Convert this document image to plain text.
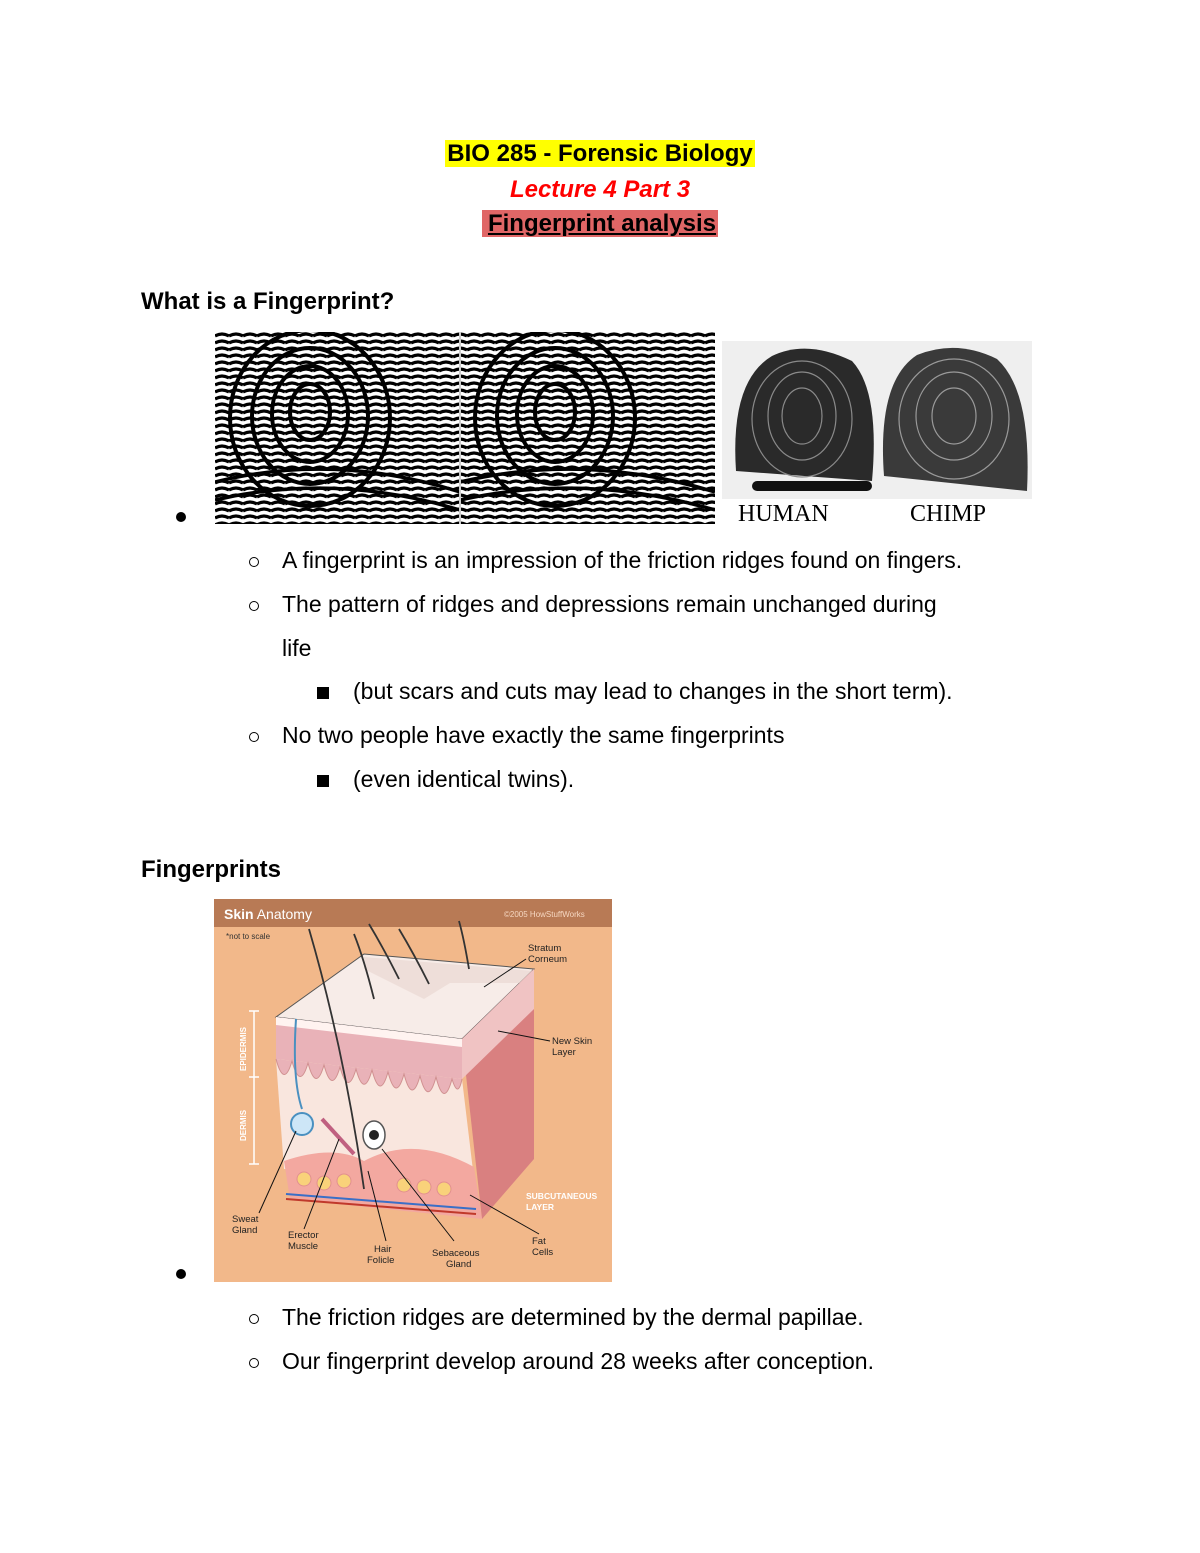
BIO 285 - Forensic Biology
Lecture 4 Part 3
Fingerprint analysis
What is a Fingerprint?
HUMAN	CHIMP
A fingerprint is an impression of the friction ridges found on fingers.
The pattern of ridges and depressions remain unchanged during
life
(but scars and cuts may lead to changes in the short term).
No two people have exactly the same fingerprints
(even identical twins).
Fingerprints
Skin Anatomy	©2005 HowStuffWorks
*not to scale
EPIDERMIS
DERMIS
Stratum
Corneum
New Skin
Layer
Sweat
Gland	Erector
Muscle	Hair
Folicle
Sebaceous
Gland
Fat
Cells
SUBCUTANEOUS
LAYER
The friction ridges are determined by the dermal papillae.
Our fingerprint develop around 28 weeks after conception.
